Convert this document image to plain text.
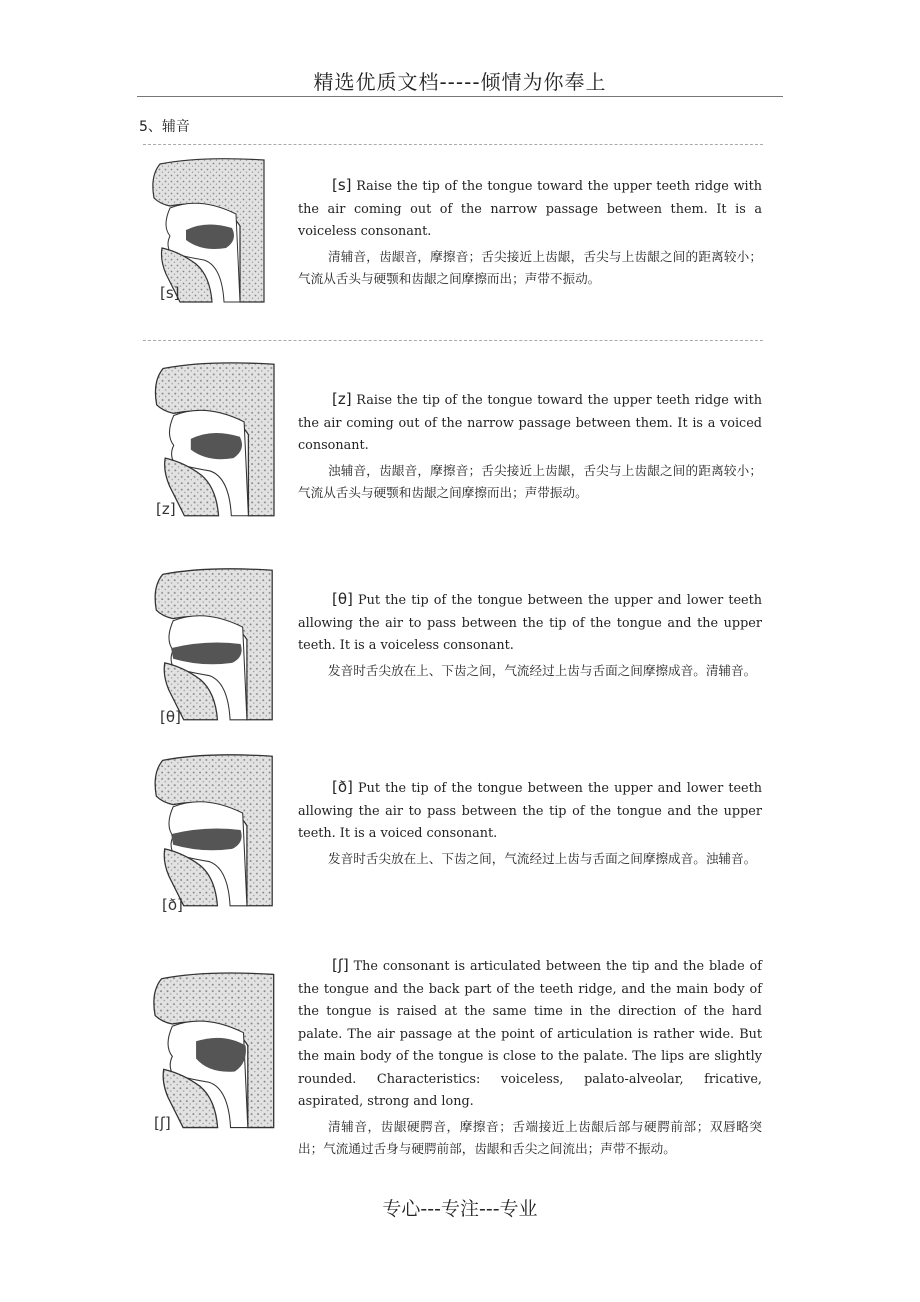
精选优质文档-----倾情为你奉上
5、辅音
[s]
[s] Raise the tip of the tongue toward the upper teeth ridge with the air coming out of the narrow passage between them. It is a voiceless consonant.
清辅音，齿龈音，摩擦音；舌尖接近上齿龈，舌尖与上齿龈之间的距离较小；气流从舌头与硬颚和齿龈之间摩擦而出；声带不振动。
[z]
[z] Raise the tip of the tongue toward the upper teeth ridge with the air coming out of the narrow passage between them. It is a voiced consonant.
浊辅音，齿龈音，摩擦音；舌尖接近上齿龈，舌尖与上齿龈之间的距离较小；气流从舌头与硬颚和齿龈之间摩擦而出；声带振动。
[θ]
[θ] Put the tip of the tongue between the upper and lower teeth allowing the air to pass between the tip of the tongue and the upper teeth. It is a voiceless consonant.
发音时舌尖放在上、下齿之间，气流经过上齿与舌面之间摩擦成音。清辅音。
[ð]
[ð] Put the tip of the tongue between the upper and lower teeth allowing the air to pass between the tip of the tongue and the upper teeth. It is a voiced consonant.
发音时舌尖放在上、下齿之间，气流经过上齿与舌面之间摩擦成音。浊辅音。
[ʃ]
[ʃ] The consonant is articulated between the tip and the blade of the tongue and the back part of the teeth ridge, and the main body of the tongue is raised at the same time in the direction of the hard palate. The air passage at the point of articulation is rather wide. But the main body of the tongue is close to the palate. The lips are slightly rounded. Characteristics: voiceless, palato-alveolar, fricative, aspirated, strong and long.
清辅音，齿龈硬腭音，摩擦音；舌端接近上齿龈后部与硬腭前部；双唇略突出；气流通过舌身与硬腭前部，齿龈和舌尖之间流出；声带不振动。
专心---专注---专业
